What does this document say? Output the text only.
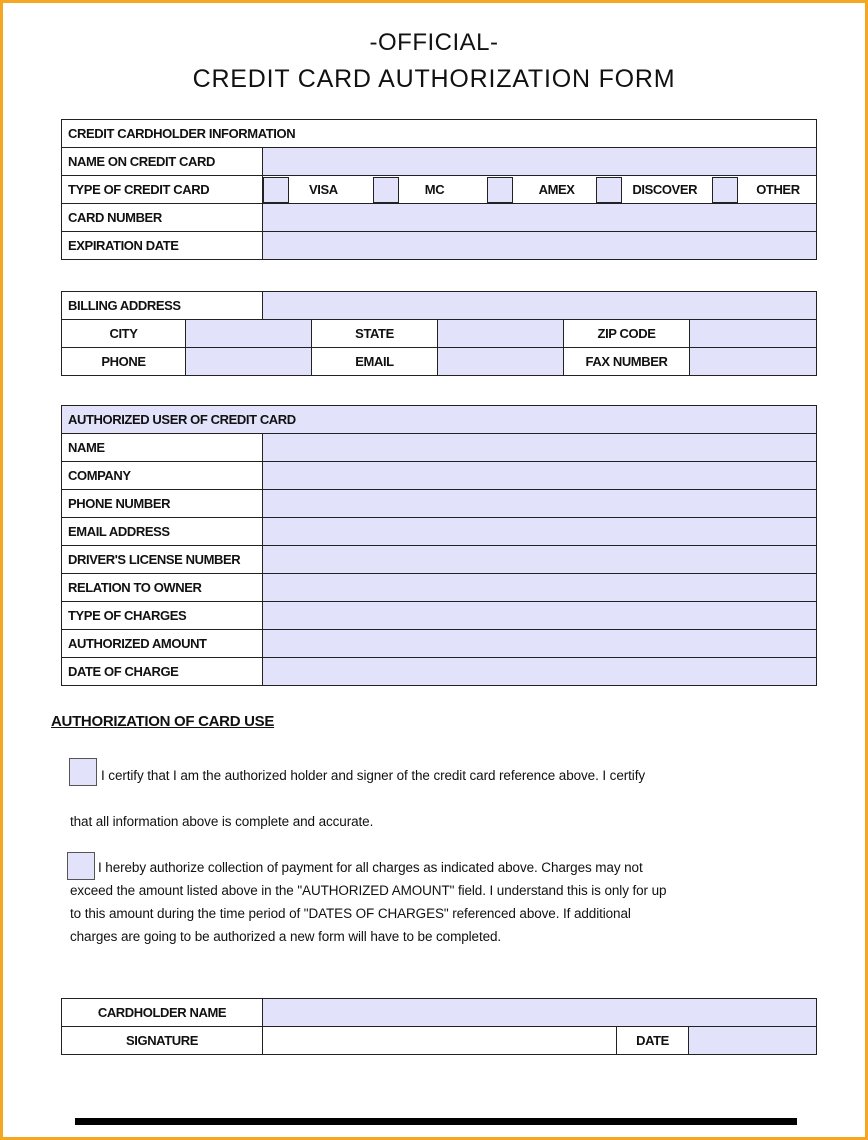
-OFFICIAL-
CREDIT CARD AUTHORIZATION FORM
CREDIT CARDHOLDER INFORMATION	
NAME ON CREDIT CARD	
TYPE OF CREDIT CARD	VISA MC AMEX DISCOVER OTHER

CARD NUMBER	
EXPIRATION DATE	
BILLING ADDRESS						
CITY			STATE		ZIP CODE	
PHONE			EMAIL		FAX NUMBER	
AUTHORIZED USER OF CREDIT CARD	
NAME	
COMPANY	
PHONE NUMBER	
EMAIL ADDRESS	
DRIVER'S LICENSE NUMBER	
RELATION TO OWNER	
TYPE OF CHARGES	
AUTHORIZED AMOUNT	
DATE OF CHARGE	
AUTHORIZATION OF CARD USE
I certify that I am the authorized holder and signer of the credit card reference above. I certify
that all information above is complete and accurate.
I hereby authorize collection of payment for all charges as indicated above. Charges may not
exceed the amount listed above in the "AUTHORIZED AMOUNT" field. I understand this is only for up
to this amount during the time period of "DATES OF CHARGES" referenced above. If additional
charges are going to be authorized a new form will have to be completed.
CARDHOLDER NAME			
SIGNATURE		DATE	
